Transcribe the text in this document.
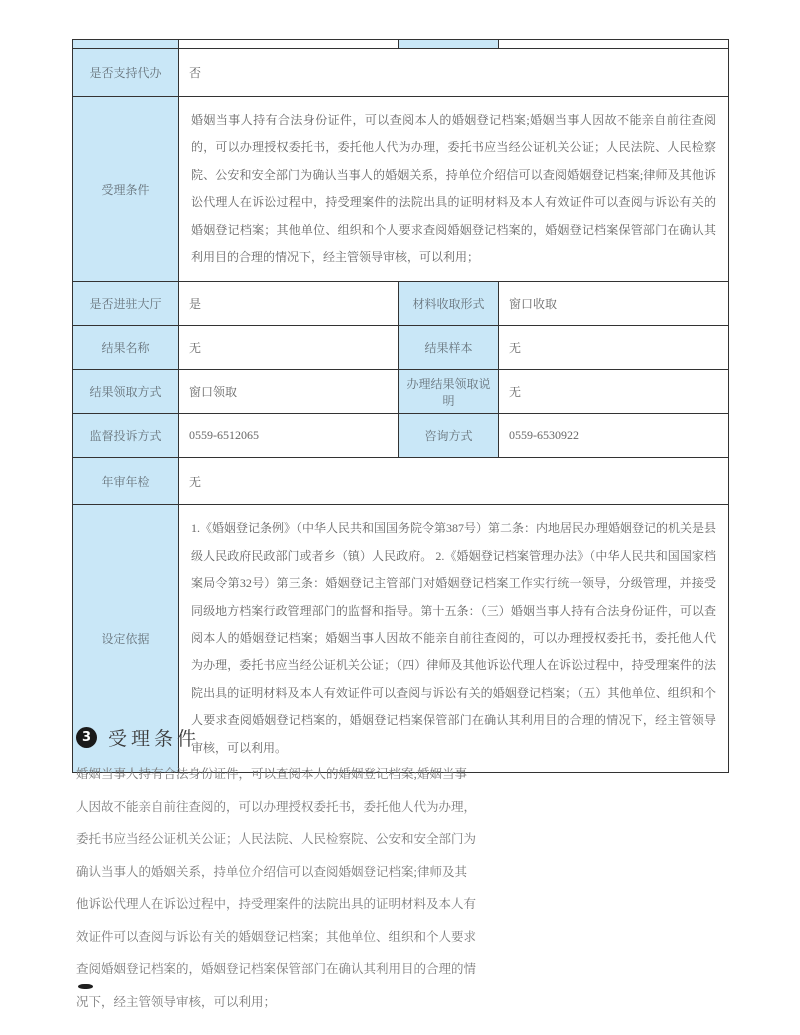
是否支持代办	否		
受理条件	婚姻当事人持有合法身份证件，可以查阅本人的婚姻登记档案;婚姻当事人因故不能亲自前往查阅的，可以办理授权委托书，委托他人代为办理，委托书应当经公证机关公证；人民法院、人民检察院、公安和安全部门为确认当事人的婚姻关系，持单位介绍信可以查阅婚姻登记档案;律师及其他诉讼代理人在诉讼过程中，持受理案件的法院出具的证明材料及本人有效证件可以查阅与诉讼有关的婚姻登记档案；其他单位、组织和个人要求查阅婚姻登记档案的，婚姻登记档案保管部门在确认其利用目的合理的情况下，经主管领导审核，可以利用；		
是否进驻大厅	是	材料收取形式	窗口收取
结果名称	无	结果样本	无
结果领取方式	窗口领取	办理结果领取说明	无
监督投诉方式	0559-6512065	咨询方式	0559-6530922
年审年检	无		
设定依据	1.《婚姻登记条例》（中华人民共和国国务院令第387号）第二条：内地居民办理婚姻登记的机关是县级人民政府民政部门或者乡（镇）人民政府。 2.《婚姻登记档案管理办法》（中华人民共和国国家档案局令第32号）第三条：婚姻登记主管部门对婚姻登记档案工作实行统一领导，分级管理，并接受同级地方档案行政管理部门的监督和指导。第十五条：（三）婚姻当事人持有合法身份证件，可以查阅本人的婚姻登记档案；婚姻当事人因故不能亲自前往查阅的，可以办理授权委托书，委托他人代为办理，委托书应当经公证机关公证；（四）律师及其他诉讼代理人在诉讼过程中，持受理案件的法院出具的证明材料及本人有效证件可以查阅与诉讼有关的婚姻登记档案；（五）其他单位、组织和个人要求查阅婚姻登记档案的，婚姻登记档案保管部门在确认其利用目的合理的情况下，经主管领导审核，可以利用。		
3 受理条件
婚姻当事人持有合法身份证件，可以查阅本人的婚姻登记档案;婚姻当事人因故不能亲自前往查阅的，可以办理授权委托书，委托他人代为办理，委托书应当经公证机关公证；人民法院、人民检察院、公安和安全部门为确认当事人的婚姻关系，持单位介绍信可以查阅婚姻登记档案;律师及其他诉讼代理人在诉讼过程中，持受理案件的法院出具的证明材料及本人有效证件可以查阅与诉讼有关的婚姻登记档案；其他单位、组织和个人要求查阅婚姻登记档案的，婚姻登记档案保管部门在确认其利用目的合理的情况下，经主管领导审核，可以利用；
